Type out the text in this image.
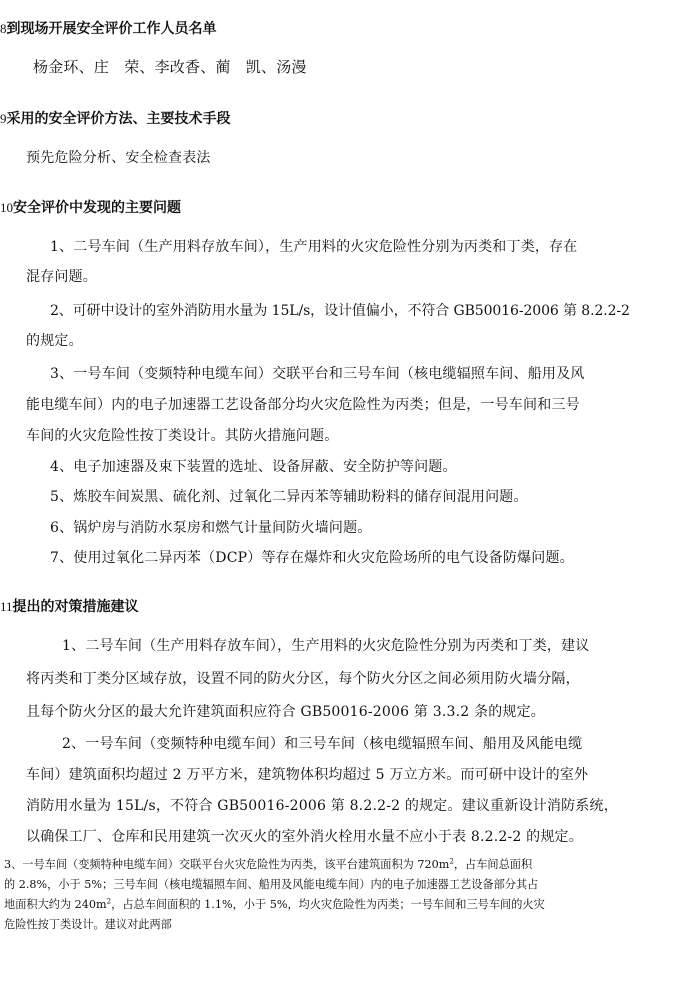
8到现场开展安全评价工作人员名单

杨金环、庄　荣、李改香、蔺　凯、汤漫

9采用的安全评价方法、主要技术手段

预先危险分析、安全检查表法

10安全评价中发现的主要问题

1、二号车间（生产用料存放车间），生产用料的火灾危险性分别为丙类和丁类，存在

混存问题。

2、可研中设计的室外消防用水量为 15L/s，设计值偏小，不符合 GB50016-2006 第 8.2.2-2

的规定。

3、一号车间（变频特种电缆车间）交联平台和三号车间（核电缆辐照车间、船用及风

能电缆车间）内的电子加速器工艺设备部分均火灾危险性为丙类；但是，一号车间和三号

车间的火灾危险性按丁类设计。其防火措施问题。

4、电子加速器及束下装置的选址、设备屏蔽、安全防护等问题。

5、炼胶车间炭黑、硫化剂、过氧化二异丙苯等辅助粉料的储存间混用问题。

6、锅炉房与消防水泵房和燃气计量间防火墙问题。

7、使用过氧化二异丙苯（DCP）等存在爆炸和火灾危险场所的电气设备防爆问题。

11提出的对策措施建议

1、二号车间（生产用料存放车间），生产用料的火灾危险性分别为丙类和丁类，建议

将丙类和丁类分区域存放，设置不同的防火分区，每个防火分区之间必须用防火墙分隔，

且每个防火分区的最大允许建筑面积应符合 GB50016-2006 第 3.3.2 条的规定。

2、一号车间（变频特种电缆车间）和三号车间（核电缆辐照车间、船用及风能电缆

车间）建筑面积均超过 2 万平方米，建筑物体积均超过 5 万立方米。而可研中设计的室外

消防用水量为 15L/s，不符合 GB50016-2006 第 8.2.2-2 的规定。建议重新设计消防系统，

以确保工厂、仓库和民用建筑一次灭火的室外消火栓用水量不应小于表 8.2.2-2 的规定。

3、一号车间（变频特种电缆车间）交联平台火灾危险性为丙类，该平台建筑面积为 $720m^2$，占车间总面积

的 2.8%，小于 5%；三号车间（核电缆辐照车间、船用及风能电缆车间）内的电子加速器工艺设备部分其占

地面积大约为 $240m^2$，占总车间面积的 1.1%，小于 5%，均火灾危险性为丙类；一号车间和三号车间的火灾

危险性按丁类设计。建议对此两部
